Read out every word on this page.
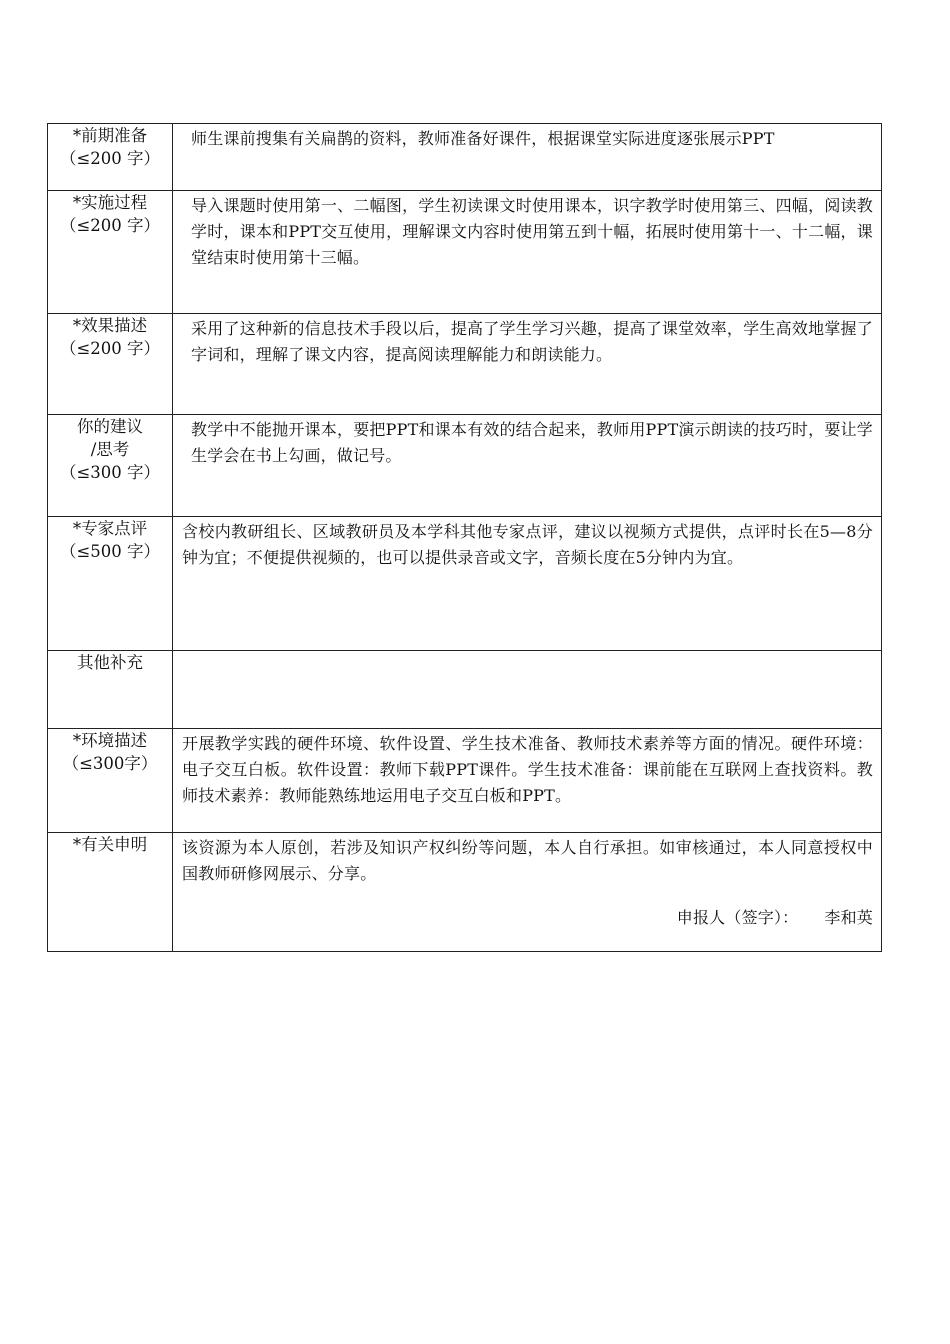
*前期准备
（≤200 字）	师生课前搜集有关扁鹊的资料，教师准备好课件，根据课堂实际进度逐张展示PPT

*实施过程
（≤200 字）	导入课题时使用第一、二幅图，学生初读课文时使用课本，识字教学时使用第三、四幅，阅读教学时，课本和PPT交互使用，理解课文内容时使用第五到十幅，拓展时使用第十一、十二幅，课堂结束时使用第十三幅。

*效果描述
（≤200 字）	采用了这种新的信息技术手段以后，提高了学生学习兴趣，提高了课堂效率，学生高效地掌握了字词和，理解了课文内容，提高阅读理解能力和朗读能力。

你的建议
/思考
（≤300 字）	教学中不能抛开课本，要把PPT和课本有效的结合起来，教师用PPT演示朗读的技巧时，要让学生学会在书上勾画，做记号。

*专家点评
（≤500 字）	含校内教研组长、区域教研员及本学科其他专家点评，建议以视频方式提供，点评时长在5—8分钟为宜；不便提供视频的，也可以提供录音或文字，音频长度在5分钟内为宜。

其他补充	

*环境描述
（≤300字）	开展教学实践的硬件环境、软件设置、学生技术准备、教师技术素养等方面的情况。硬件环境：电子交互白板。软件设置：教师下载PPT课件。学生技术准备：课前能在互联网上查找资料。教师技术素养：教师能熟练地运用电子交互白板和PPT。

*有关申明	该资源为本人原创，若涉及知识产权纠纷等问题，本人自行承担。如审核通过，本人同意授权中国教师研修网展示、分享。
申报人（签字）： 李和英
